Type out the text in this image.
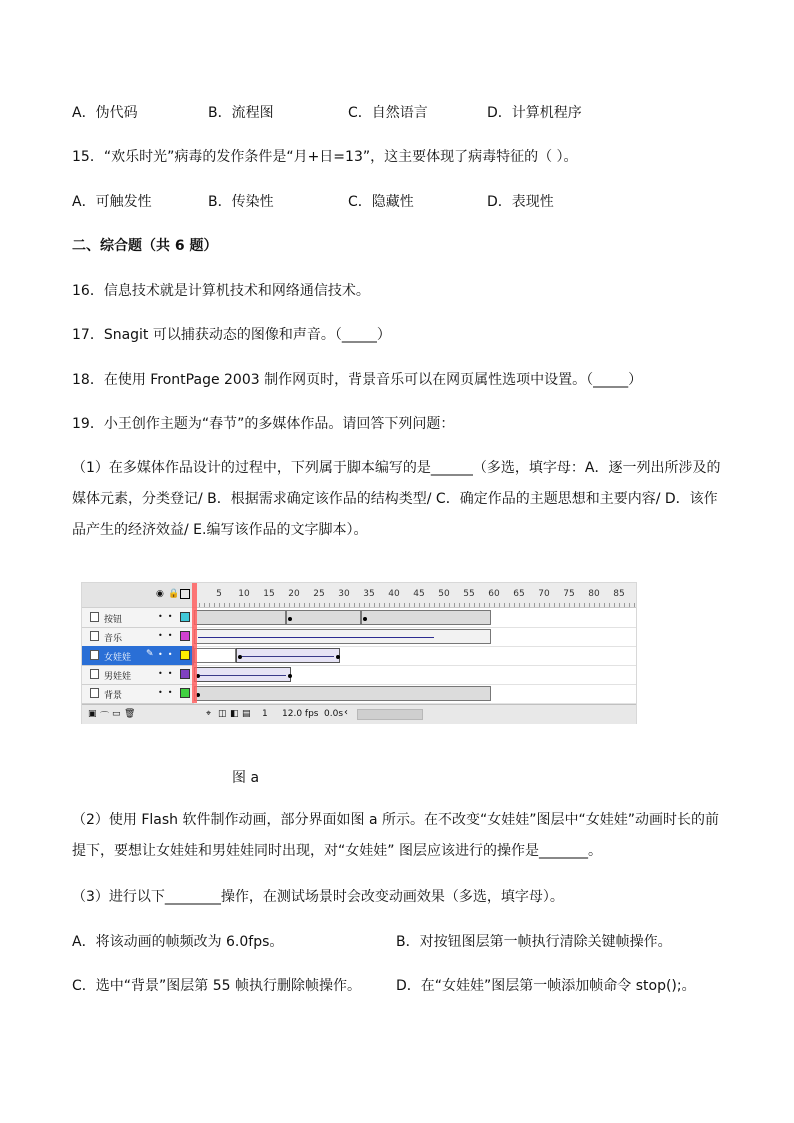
A．伪代码	B．流程图	C．自然语言	D．计算机程序
15．“欢乐时光”病毒的发作条件是“月+日=13”，这主要体现了病毒特征的（ ）。
A．可触发性	B．传染性	C．隐藏性	D．表现性
二、综合题（共 6 题）
16．信息技术就是计算机技术和网络通信技术。
17．Snagit 可以捕获动态的图像和声音。（_____）
18．在使用 FrontPage 2003 制作网页时，背景音乐可以在网页属性选项中设置。（_____）
19．小王创作主题为“春节”的多媒体作品。请回答下列问题：
（1）在多媒体作品设计的过程中，下列属于脚本编写的是______（多选，填字母：A．逐一列出所涉及的媒体元素，分类登记/ B．根据需求确定该作品的结构类型/ C．确定作品的主题思想和主要内容/ D．该作品产生的经济效益/ E.编写该作品的文字脚本）。
◉ 🔒
按钮	•  •
音乐	•  •
女娃娃 ✎ •  •
男娃娃	•  •
背景	•  •
5 10 15 20 25 30 35 40 45 50 55 60 65 70 75 80 85
▣ ⌒ ▭ 🗑	⌖ ◫ ◧ ▤ 1 12.0 fps 0.0s ‹
图 a
（2）使用 Flash 软件制作动画，部分界面如图 a 所示。在不改变“女娃娃”图层中“女娃娃”动画时长的前提下，要想让女娃娃和男娃娃同时出现，对“女娃娃” 图层应该进行的操作是_______。
（3）进行以下________操作，在测试场景时会改变动画效果（多选，填字母）。
A．将该动画的帧频改为 6.0fps。	B．对按钮图层第一帧执行清除关键帧操作。
C．选中“背景”图层第 55 帧执行删除帧操作。	D．在“女娃娃”图层第一帧添加帧命令 stop();。
